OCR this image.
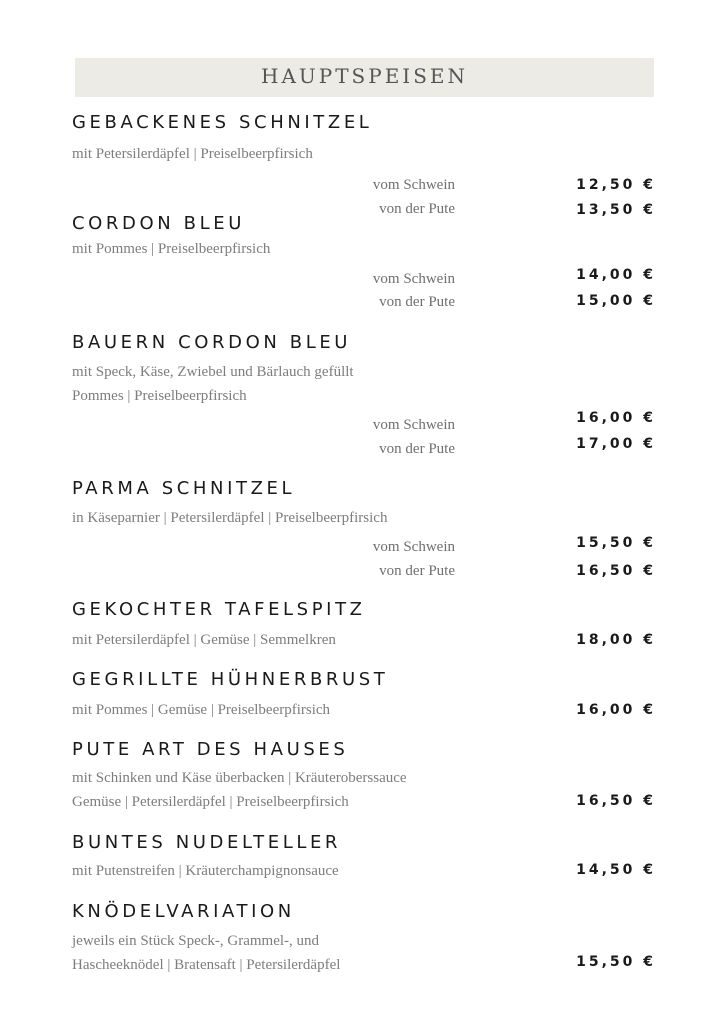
HAUPTSPEISEN
GEBACKENES SCHNITZEL
mit Petersilerdäpfel | Preiselbeerpfirsich
vom Schwein	12,50 €
von der Pute	13,50 €
CORDON BLEU
mit Pommes | Preiselbeerpfirsich
vom Schwein	14,00 €
von der Pute	15,00 €
BAUERN CORDON BLEU
mit Speck, Käse, Zwiebel und Bärlauch gefüllt
Pommes | Preiselbeerpfirsich
vom Schwein	16,00 €
von der Pute	17,00 €
PARMA SCHNITZEL
in Käseparnier | Petersilerdäpfel | Preiselbeerpfirsich
vom Schwein	15,50 €
von der Pute	16,50 €
GEKOCHTER TAFELSPITZ
mit Petersilerdäpfel | Gemüse | Semmelkren	18,00 €
GEGRILLTE HÜHNERBRUST
mit Pommes | Gemüse | Preiselbeerpfirsich	16,00 €
PUTE ART DES HAUSES
mit Schinken und Käse überbacken | Kräuteroberssauce
Gemüse | Petersilerdäpfel | Preiselbeerpfirsich	16,50 €
BUNTES NUDELTELLER
mit Putenstreifen | Kräuterchampignonsauce	14,50 €
KNÖDELVARIATION
jeweils ein Stück Speck-, Grammel-, und
Hascheeknödel | Bratensaft | Petersilerdäpfel	15,50 €
